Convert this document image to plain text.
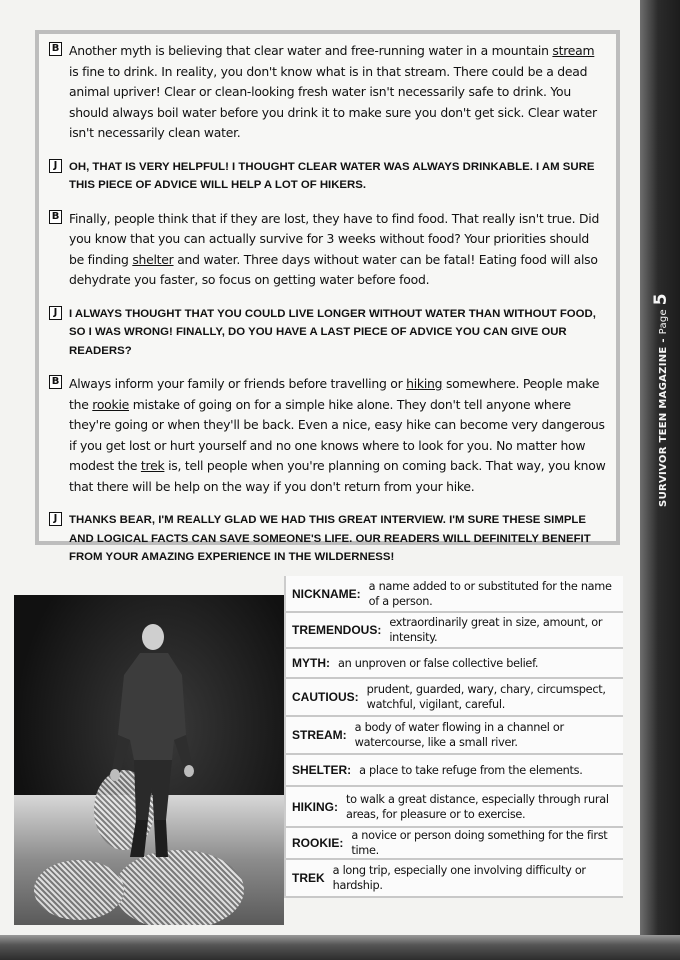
B Another myth is believing that clear water and free-running water in a mountain stream is fine to drink. In reality, you don't know what is in that stream. There could be a dead animal upriver! Clear or clean-looking fresh water isn't necessarily safe to drink. You should always boil water before you drink it to make sure you don't get sick. Clear water isn't necessarily clean water.

J	OH, THAT IS VERY HELPFUL! I THOUGHT CLEAR WATER WAS ALWAYS DRINKABLE. I AM SURE THIS PIECE OF ADVICE WILL HELP A LOT OF HIKERS.

B Finally, people think that if they are lost, they have to find food. That really isn't true. Did you know that you can actually survive for 3 weeks without food? Your priorities should be finding shelter and water. Three days without water can be fatal! Eating food will also dehydrate you faster, so focus on getting water before food.

J	I ALWAYS THOUGHT THAT YOU COULD LIVE LONGER WITHOUT WATER THAN WITHOUT FOOD, SO I WAS WRONG! FINALLY, DO YOU HAVE A LAST PIECE OF ADVICE YOU CAN GIVE OUR READERS?

B Always inform your family or friends before travelling or hiking somewhere. People make the rookie mistake of going on for a simple hike alone. They don't tell anyone where they're going or when they'll be back. Even a nice, easy hike can become very dangerous if you get lost or hurt yourself and no one knows where to look for you. No matter how modest the trek is, tell people when you're planning on coming back. That way, you know that there will be help on the way if you don't return from your hike.

J	THANKS BEAR, I'M REALLY GLAD WE HAD THIS GREAT INTERVIEW. I'M SURE THESE SIMPLE AND LOGICAL FACTS CAN SAVE SOMEONE'S LIFE. OUR READERS WILL DEFINITELY BENEFIT FROM YOUR AMAZING EXPERIENCE IN THE WILDERNESS!

NICKNAME:
a name added to or substituted for the name of a person.
TREMENDOUS:
extraordinarily great in size, amount, or intensity.
MYTH: an unproven or false collective belief.
CAUTIOUS:
prudent, guarded, wary, chary, circumspect, watchful, vigilant, careful.
STREAM:
a body of water flowing in a channel or watercourse, like a small river.
SHELTER: a place to take refuge from the elements.
HIKING:
to walk a great distance, especially through rural areas, for pleasure or to exercise.
ROOKIE:
a novice or person doing something for the first time.
TREK
a long trip, especially one involving difficulty or hardship.
SURVIVOR TEEN MAGAZINE - Page 5
